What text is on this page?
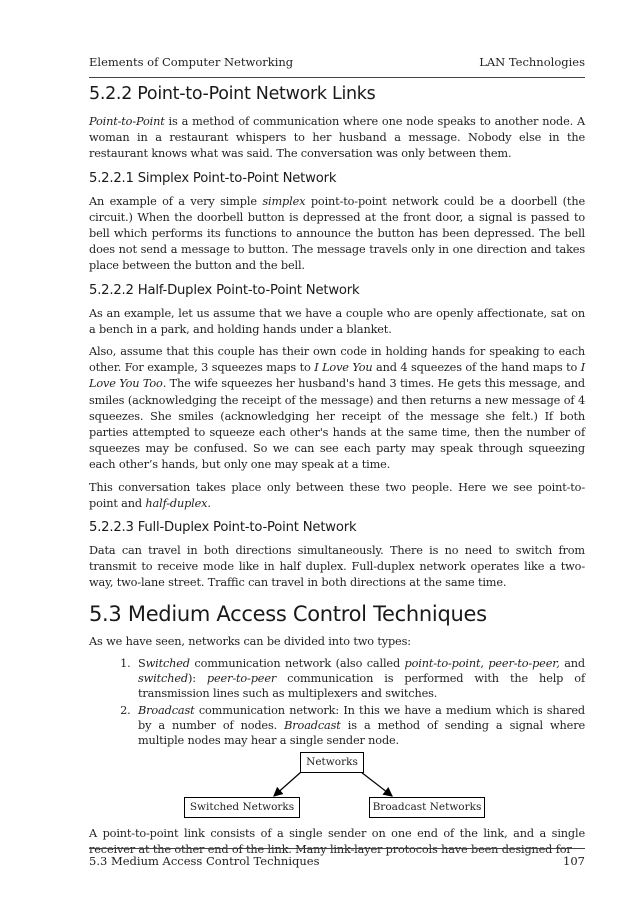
Elements of Computer Networking	LAN Technologies
5.2.2 Point-to-Point Network Links

Point-to-Point is a method of communication where one node speaks to another node. A woman in a restaurant whispers to her husband a message. Nobody else in the restaurant knows what was said. The conversation was only between them.

5.2.2.1 Simplex Point-to-Point Network

An example of a very simple simplex point-to-point network could be a doorbell (the circuit.) When the doorbell button is depressed at the front door, a signal is passed to bell which performs its functions to announce the button has been depressed. The bell does not send a message to button. The message travels only in one direction and takes place between the button and the bell.

5.2.2.2 Half-Duplex Point-to-Point Network

As an example, let us assume that we have a couple who are openly affectionate, sat on a bench in a park, and holding hands under a blanket.

Also, assume that this couple has their own code in holding hands for speaking to each other. For example, 3 squeezes maps to I Love You and 4 squeezes of the hand maps to I Love You Too. The wife squeezes her husband's hand 3 times. He gets this message, and smiles (acknowledging the receipt of the message) and then returns a new message of 4 squeezes. She smiles (acknowledging her receipt of the message she felt.) If both parties attempted to squeeze each other's hands at the same time, then the number of squeezes may be confused. So we can see each party may speak through squeezing each other’s hands, but only one may speak at a time.

This conversation takes place only between these two people. Here we see point-to-point and half-duplex.

5.2.2.3 Full-Duplex Point-to-Point Network

Data can travel in both directions simultaneously. There is no need to switch from transmit to receive mode like in half duplex. Full-duplex network operates like a two-way, two-lane street. Traffic can travel in both directions at the same time.

5.3 Medium Access Control Techniques

As we have seen, networks can be divided into two types:

1. Switched communication network (also called point-to-point, peer-to-peer, and switched): peer-to-peer communication is performed with the help of transmission lines such as multiplexers and switches.
2. Broadcast communication network: In this we have a medium which is shared by a number of nodes. Broadcast is a method of sending a signal where multiple nodes may hear a single sender node.
Networks
Switched Networks	Broadcast Networks

A point-to-point link consists of a single sender on one end of the link, and a single receiver at the other end of the link. Many link-layer protocols have been designed for

5.3 Medium Access Control Techniques	107
